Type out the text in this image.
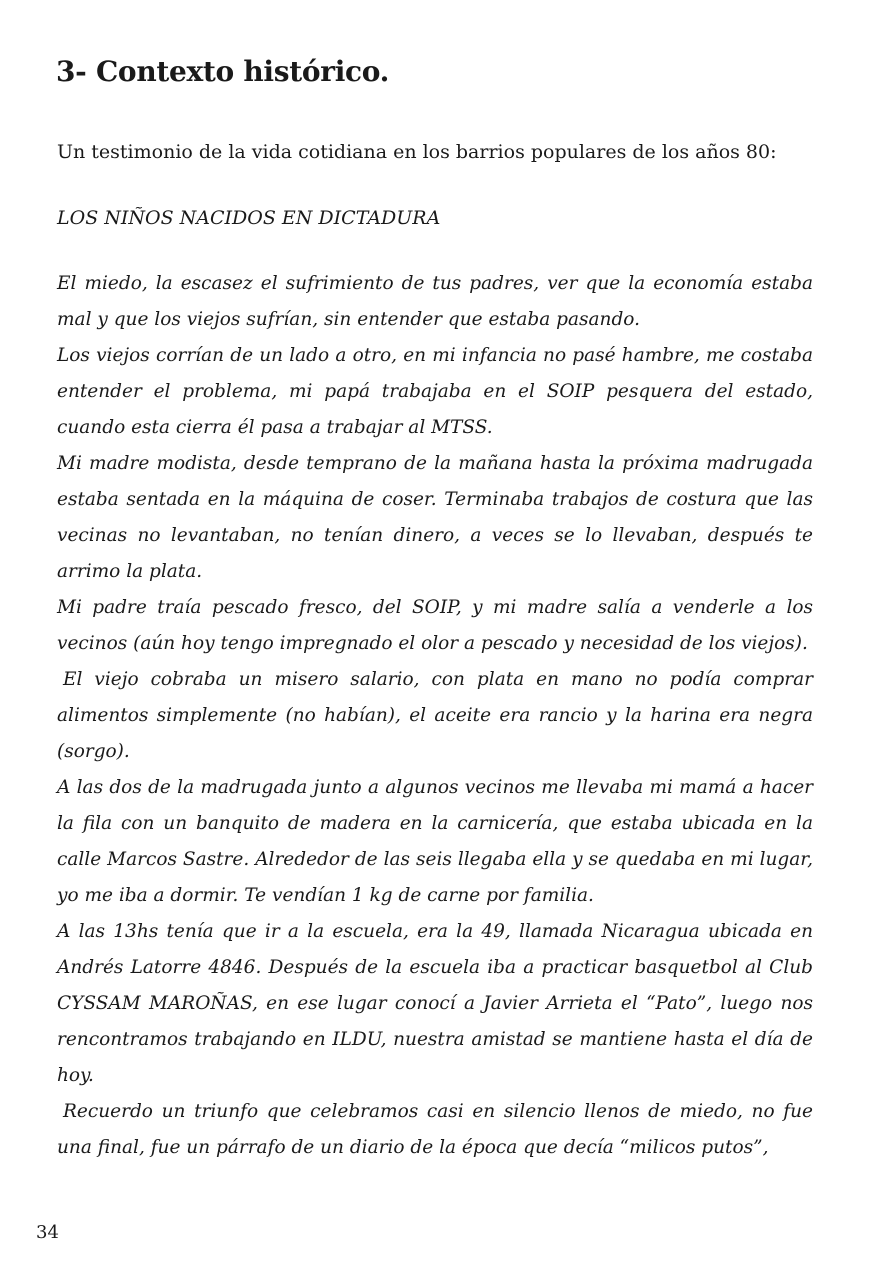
3- Contexto histórico.

Un testimonio de la vida cotidiana en los barrios populares de los años 80:

LOS NIÑOS NACIDOS EN DICTADURA

El miedo, la escasez el sufrimiento de tus padres, ver que la economía estaba mal y que los viejos sufrían, sin entender que estaba pasando.

Los viejos corrían de un lado a otro, en mi infancia no pasé hambre, me costaba entender el problema, mi papá trabajaba en el SOIP pesquera del estado, cuando esta cierra él pasa a trabajar al MTSS.

Mi madre modista, desde temprano de la mañana hasta la próxima madrugada estaba sentada en la máquina de coser. Terminaba trabajos de costura que las vecinas no levantaban, no tenían dinero, a veces se lo llevaban, después te arrimo la plata.

Mi padre traía pescado fresco, del SOIP, y mi madre salía a venderle a los vecinos (aún hoy tengo impregnado el olor a pescado y necesidad de los viejos).

El viejo cobraba un misero salario, con plata en mano no podía comprar alimentos simplemente (no habían), el aceite era rancio y la harina era negra (sorgo).

A las dos de la madrugada junto a algunos vecinos me llevaba mi mamá a hacer la fila con un banquito de madera en la carnicería, que estaba ubicada en la calle Marcos Sastre. Alrededor de las seis llegaba ella y se quedaba en mi lugar, yo me iba a dormir. Te vendían 1 kg de carne por familia.

A las 13hs tenía que ir a la escuela, era la 49, llamada Nicaragua ubicada en Andrés Latorre 4846. Después de la escuela iba a practicar basquetbol al Club CYSSAM MAROÑAS, en ese lugar conocí a Javier Arrieta el “Pato”, luego nos rencontramos trabajando en ILDU, nuestra amistad se mantiene hasta el día de hoy.

Recuerdo un triunfo que celebramos casi en silencio llenos de miedo, no fue una final, fue un párrafo de un diario de la época que decía “milicos putos”,

34
